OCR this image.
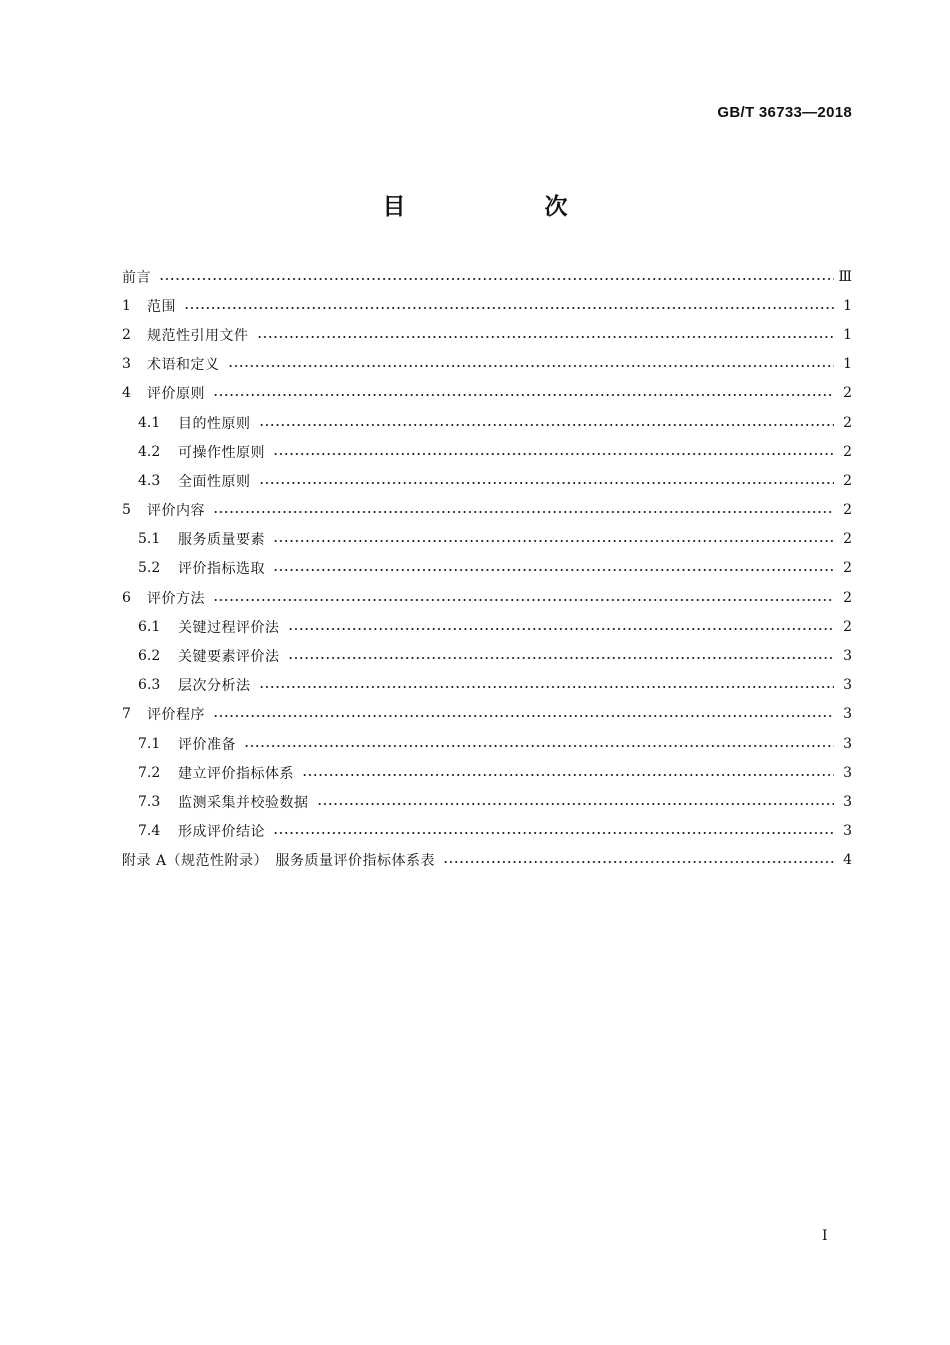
GB/T 36733—2018
目　次
前言	Ⅲ
1	范围	1
2	规范性引用文件	1
3	术语和定义	1
4	评价原则	2
4.1	目的性原则	2
4.2	可操作性原则	2
4.3	全面性原则	2
5	评价内容	2
5.1	服务质量要素	2
5.2	评价指标选取	2
6	评价方法	2
6.1	关键过程评价法	2
6.2	关键要素评价法	3
6.3	层次分析法	3
7	评价程序	3
7.1	评价准备	3
7.2	建立评价指标体系	3
7.3	监测采集并校验数据	3
7.4	形成评价结论	3
附录 A（规范性附录）　服务质量评价指标体系表	4
I
